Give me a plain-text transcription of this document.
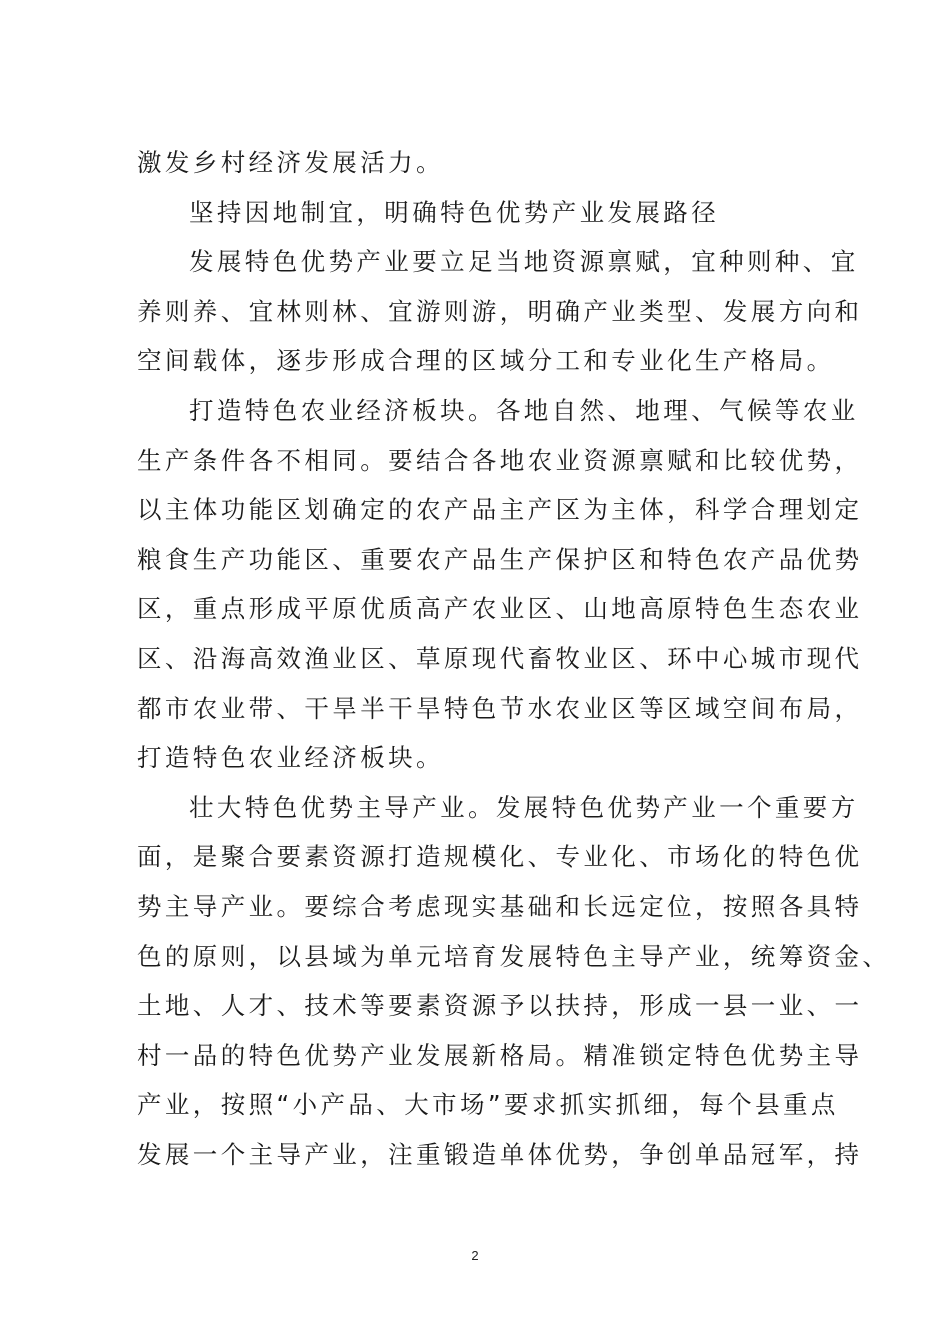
激发乡村经济发展活力。
坚持因地制宜，明确特色优势产业发展路径
发展特色优势产业要立足当地资源禀赋，宜种则种、宜
养则养、宜林则林、宜游则游，明确产业类型、发展方向和
空间载体，逐步形成合理的区域分工和专业化生产格局。
打造特色农业经济板块。各地自然、地理、气候等农业
生产条件各不相同。要结合各地农业资源禀赋和比较优势，
以主体功能区划确定的农产品主产区为主体，科学合理划定
粮食生产功能区、重要农产品生产保护区和特色农产品优势
区，重点形成平原优质高产农业区、山地高原特色生态农业
区、沿海高效渔业区、草原现代畜牧业区、环中心城市现代
都市农业带、干旱半干旱特色节水农业区等区域空间布局，
打造特色农业经济板块。
壮大特色优势主导产业。发展特色优势产业一个重要方
面，是聚合要素资源打造规模化、专业化、市场化的特色优
势主导产业。要综合考虑现实基础和长远定位，按照各具特
色的原则，以县域为单元培育发展特色主导产业，统筹资金、
土地、人才、技术等要素资源予以扶持，形成一县一业、一
村一品的特色优势产业发展新格局。精准锁定特色优势主导
产业，按照“小产品、大市场”要求抓实抓细，每个县重点
发展一个主导产业，注重锻造单体优势，争创单品冠军，持
2
